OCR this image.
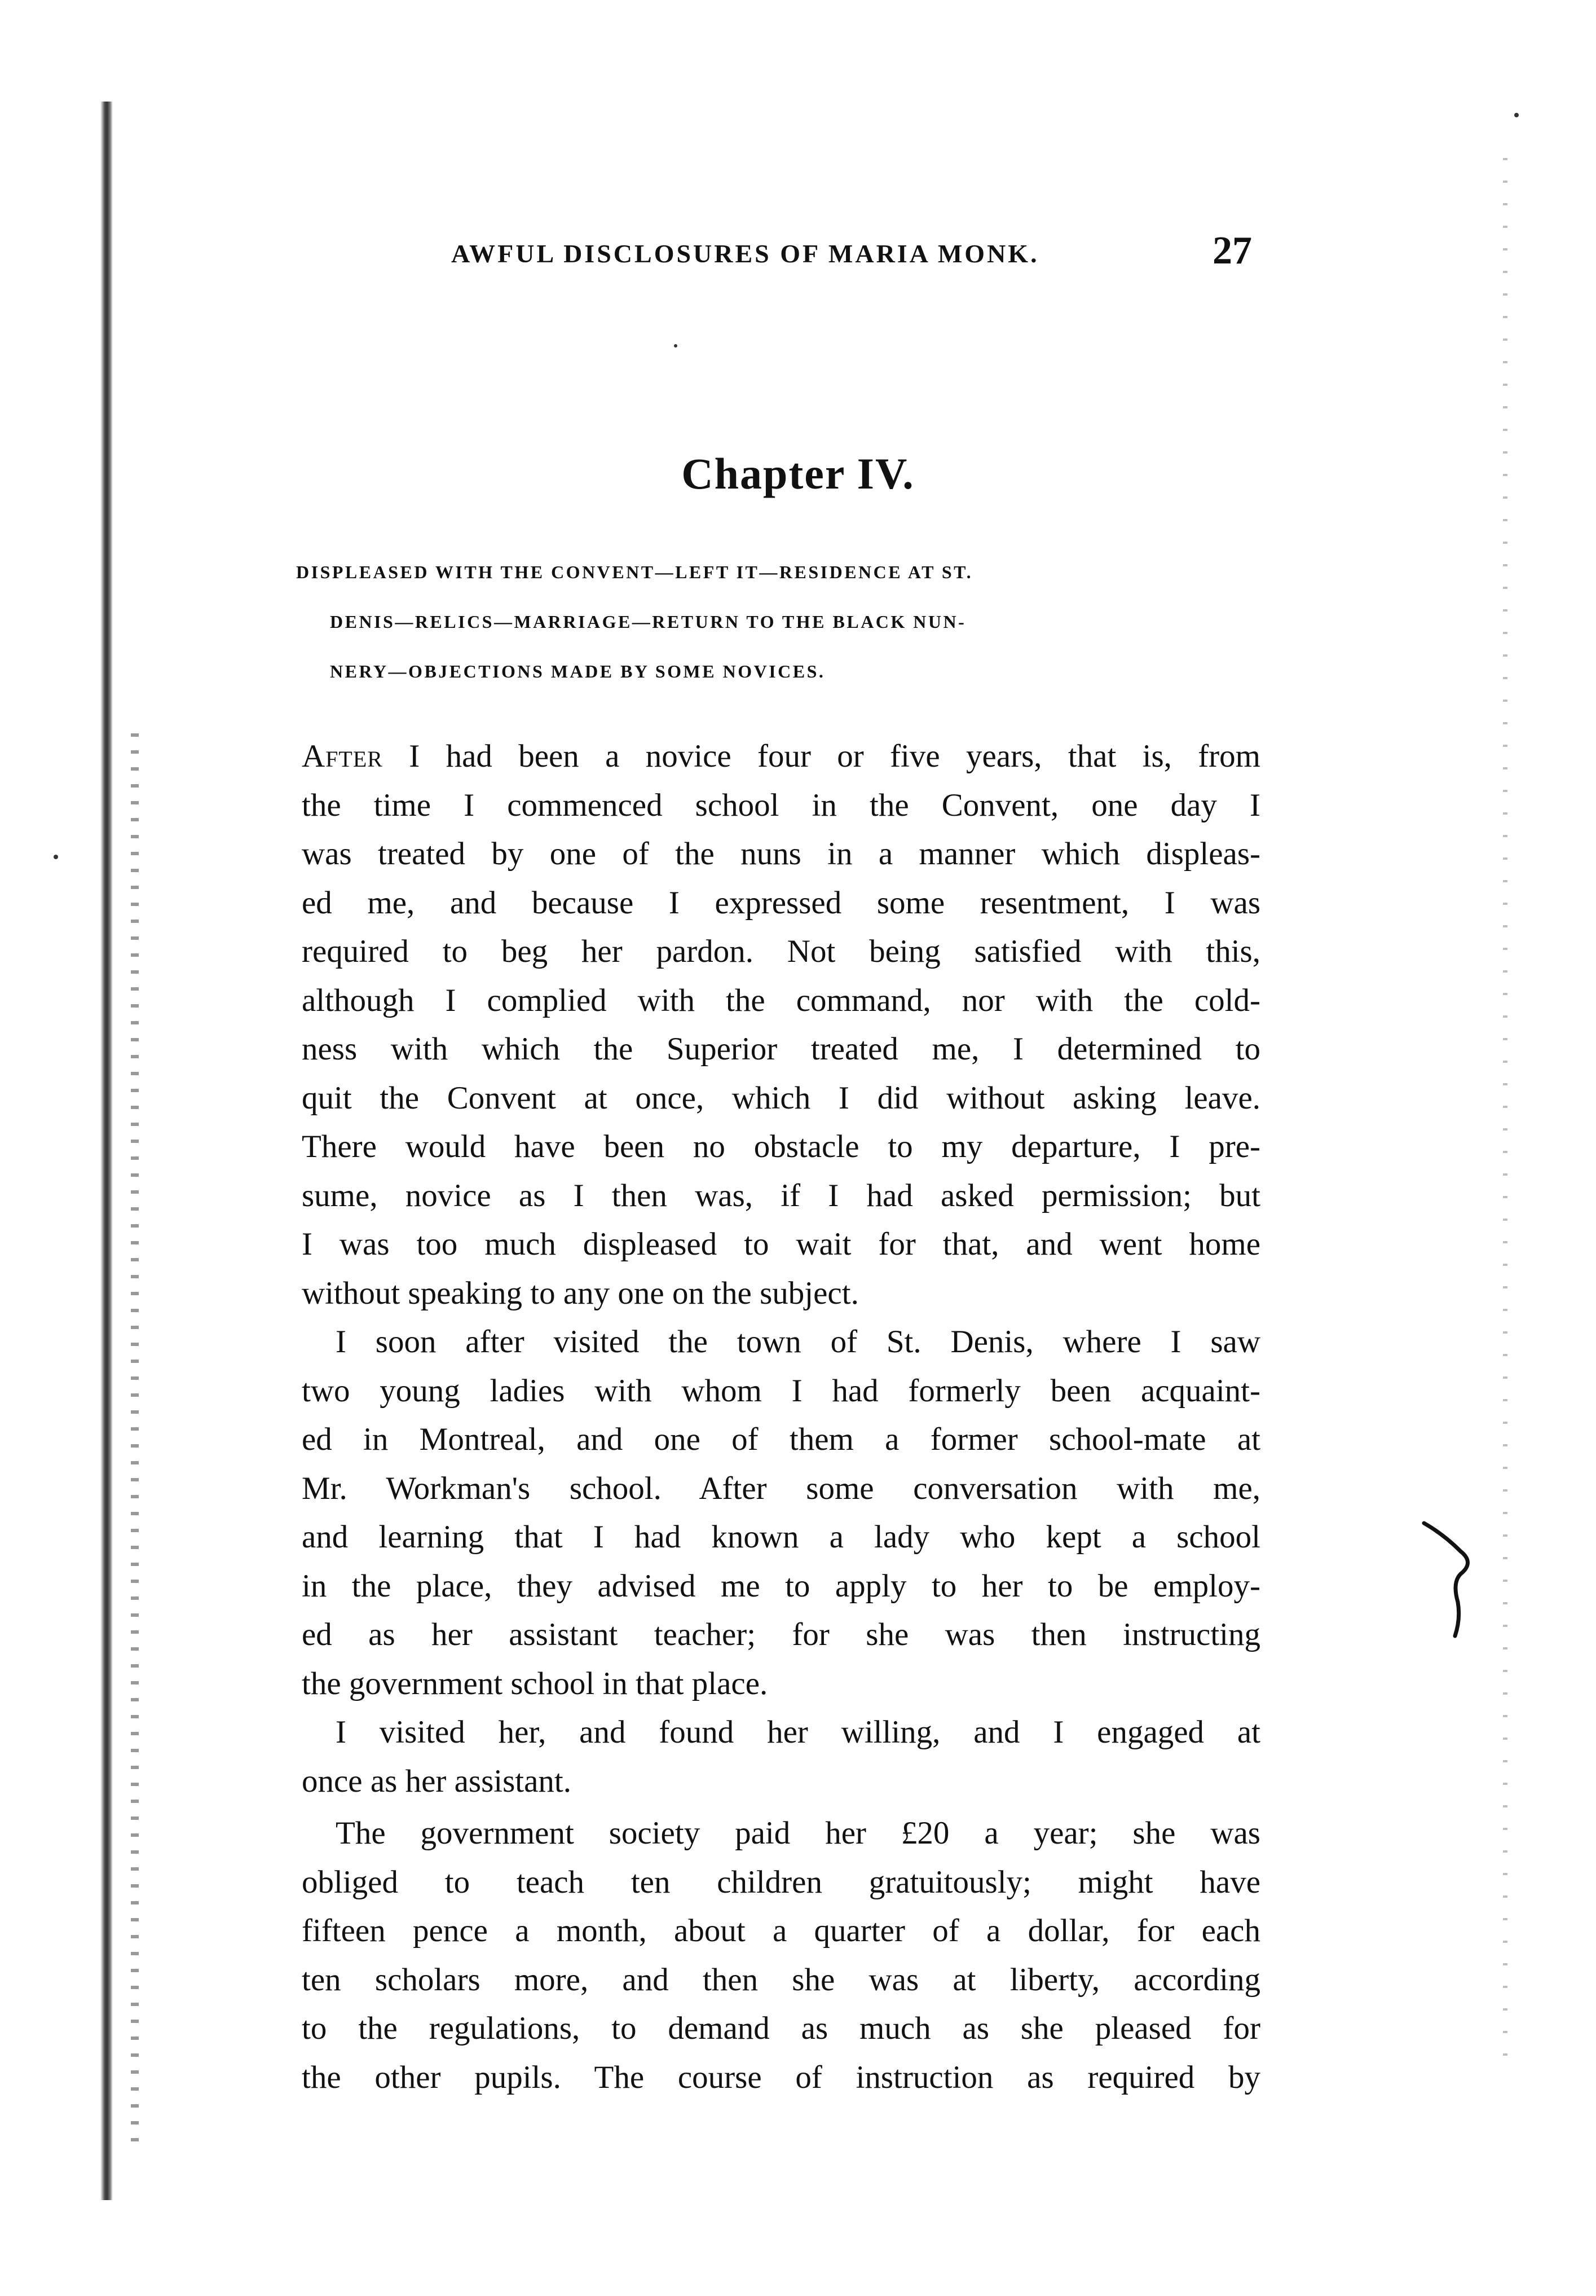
AWFUL DISCLOSURES OF MARIA MONK.	27
Chapter IV.
DISPLEASED WITH THE CONVENT—LEFT IT—RESIDENCE AT ST.
DENIS—RELICS—MARRIAGE—RETURN TO THE BLACK NUN-
NERY—OBJECTIONS MADE BY SOME NOVICES.
After I had been a novice four or five years, that is, from
the time I commenced school in the Convent, one day I
was treated by one of the nuns in a manner which displeas-
ed me, and because I expressed some resentment, I was
required to beg her pardon. Not being satisfied with this,
although I complied with the command, nor with the cold-
ness with which the Superior treated me, I determined to
quit the Convent at once, which I did without asking leave.
There would have been no obstacle to my departure, I pre-
sume, novice as I then was, if I had asked permission; but
I was too much displeased to wait for that, and went home
without speaking to any one on the subject.
I soon after visited the town of St. Denis, where I saw
two young ladies with whom I had formerly been acquaint-
ed in Montreal, and one of them a former school-mate at
Mr. Workman's school. After some conversation with me,
and learning that I had known a lady who kept a school
in the place, they advised me to apply to her to be employ-
ed as her assistant teacher; for she was then instructing
the government school in that place.
I visited her, and found her willing, and I engaged at
once as her assistant.
The government society paid her £20 a year; she was
obliged to teach ten children gratuitously; might have
fifteen pence a month, about a quarter of a dollar, for each
ten scholars more, and then she was at liberty, according
to the regulations, to demand as much as she pleased for
the other pupils. The course of instruction as required by
